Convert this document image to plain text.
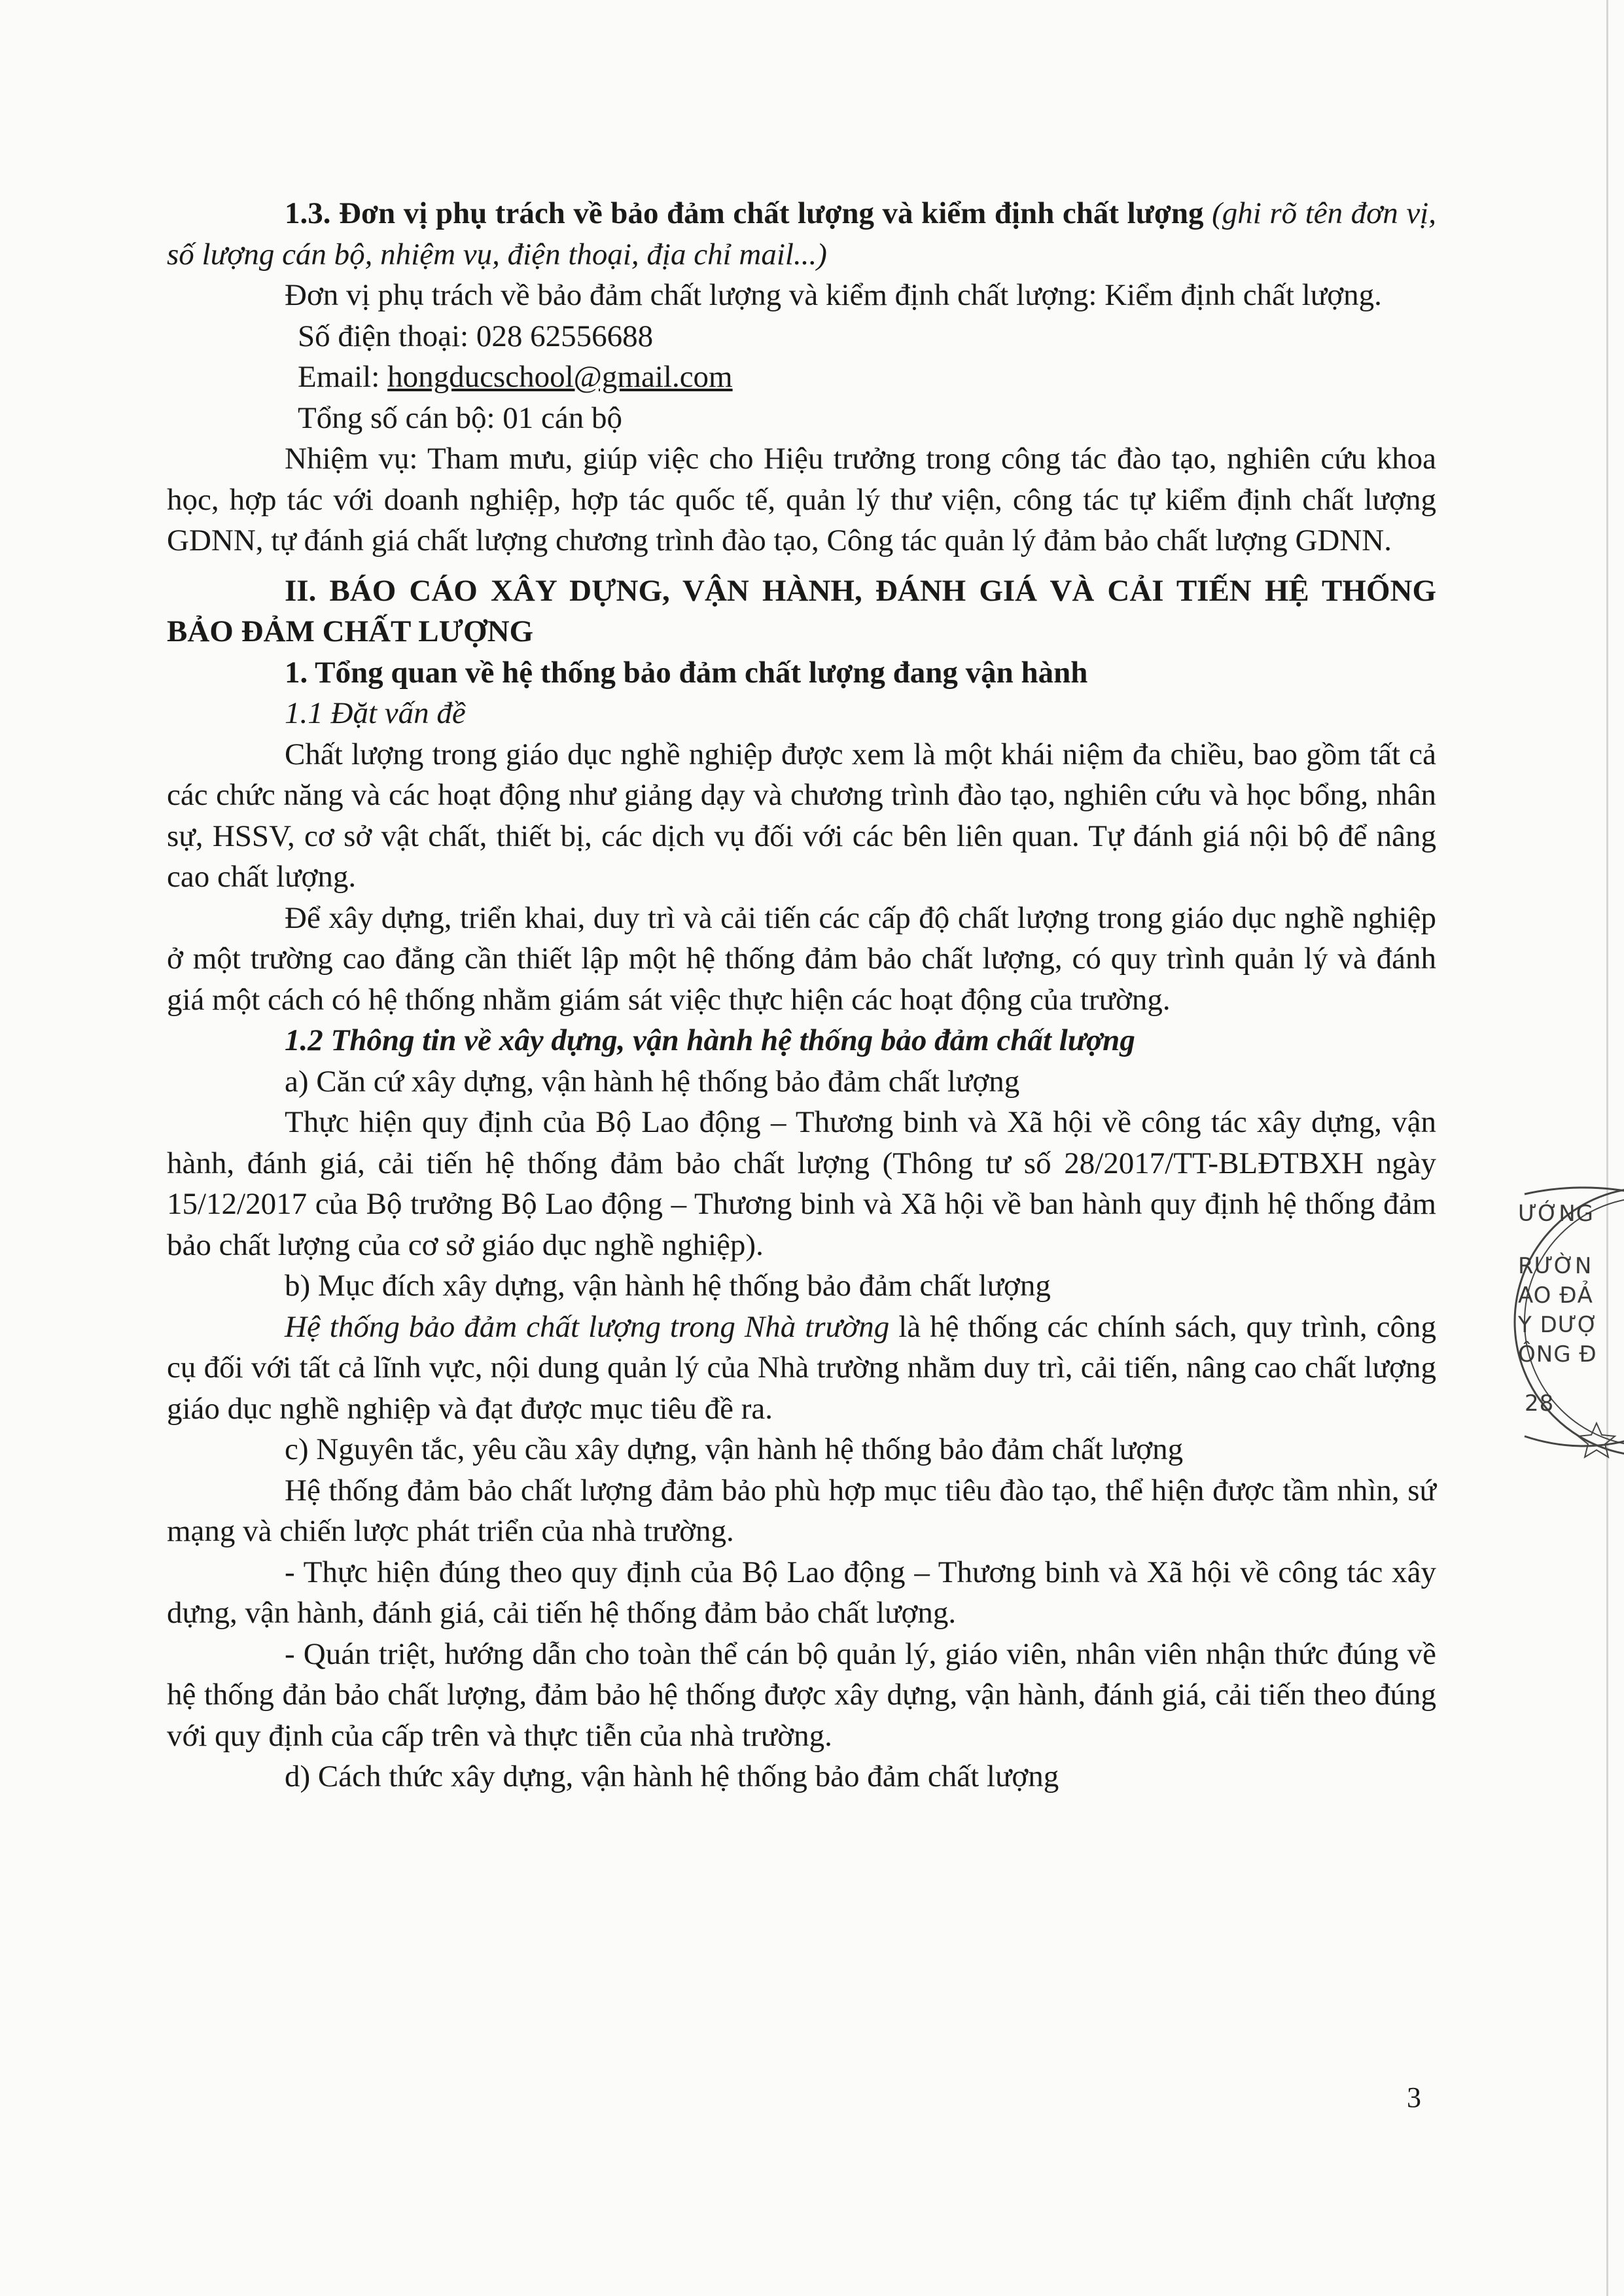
1.3. Đơn vị phụ trách về bảo đảm chất lượng và kiểm định chất lượng (ghi rõ tên đơn vị, số lượng cán bộ, nhiệm vụ, điện thoại, địa chỉ mail...)

Đơn vị phụ trách về bảo đảm chất lượng và kiểm định chất lượng: Kiểm định chất lượng.

Số điện thoại: 028 62556688

Email: hongducschool@gmail.com

Tổng số cán bộ: 01 cán bộ

Nhiệm vụ: Tham mưu, giúp việc cho Hiệu trưởng trong công tác đào tạo, nghiên cứu khoa học, hợp tác với doanh nghiệp, hợp tác quốc tế, quản lý thư viện, công tác tự kiểm định chất lượng GDNN, tự đánh giá chất lượng chương trình đào tạo, Công tác quản lý đảm bảo chất lượng GDNN.

II. BÁO CÁO XÂY DỰNG, VẬN HÀNH, ĐÁNH GIÁ VÀ CẢI TIẾN HỆ THỐNG BẢO ĐẢM CHẤT LƯỢNG

1. Tổng quan về hệ thống bảo đảm chất lượng đang vận hành

1.1 Đặt vấn đề

Chất lượng trong giáo dục nghề nghiệp được xem là một khái niệm đa chiều, bao gồm tất cả các chức năng và các hoạt động như giảng dạy và chương trình đào tạo, nghiên cứu và học bổng, nhân sự, HSSV, cơ sở vật chất, thiết bị, các dịch vụ đối với các bên liên quan. Tự đánh giá nội bộ để nâng cao chất lượng.

Để xây dựng, triển khai, duy trì và cải tiến các cấp độ chất lượng trong giáo dục nghề nghiệp ở một trường cao đẳng cần thiết lập một hệ thống đảm bảo chất lượng, có quy trình quản lý và đánh giá một cách có hệ thống nhằm giám sát việc thực hiện các hoạt động của trường.

1.2 Thông tin về xây dựng, vận hành hệ thống bảo đảm chất lượng

a) Căn cứ xây dựng, vận hành hệ thống bảo đảm chất lượng

Thực hiện quy định của Bộ Lao động – Thương binh và Xã hội về công tác xây dựng, vận hành, đánh giá, cải tiến hệ thống đảm bảo chất lượng (Thông tư số 28/2017/TT-BLĐTBXH ngày 15/12/2017 của Bộ trưởng Bộ Lao động – Thương binh và Xã hội về ban hành quy định hệ thống đảm bảo chất lượng của cơ sở giáo dục nghề nghiệp).

b) Mục đích xây dựng, vận hành hệ thống bảo đảm chất lượng

Hệ thống bảo đảm chất lượng trong Nhà trường là hệ thống các chính sách, quy trình, công cụ đối với tất cả lĩnh vực, nội dung quản lý của Nhà trường nhằm duy trì, cải tiến, nâng cao chất lượng giáo dục nghề nghiệp và đạt được mục tiêu đề ra.

c) Nguyên tắc, yêu cầu xây dựng, vận hành hệ thống bảo đảm chất lượng

Hệ thống đảm bảo chất lượng đảm bảo phù hợp mục tiêu đào tạo, thể hiện được tầm nhìn, sứ mạng và chiến lược phát triển của nhà trường.

- Thực hiện đúng theo quy định của Bộ Lao động – Thương binh và Xã hội về công tác xây dựng, vận hành, đánh giá, cải tiến hệ thống đảm bảo chất lượng.

- Quán triệt, hướng dẫn cho toàn thể cán bộ quản lý, giáo viên, nhân viên nhận thức đúng về hệ thống đản bảo chất lượng, đảm bảo hệ thống được xây dựng, vận hành, đánh giá, cải tiến theo đúng với quy định của cấp trên và thực tiễn của nhà trường.

d) Cách thức xây dựng, vận hành hệ thống bảo đảm chất lượng

3
ƯỚNG
RƯỜN
AO ĐẢ
Y DƯỢ
ÔNG Đ
28
